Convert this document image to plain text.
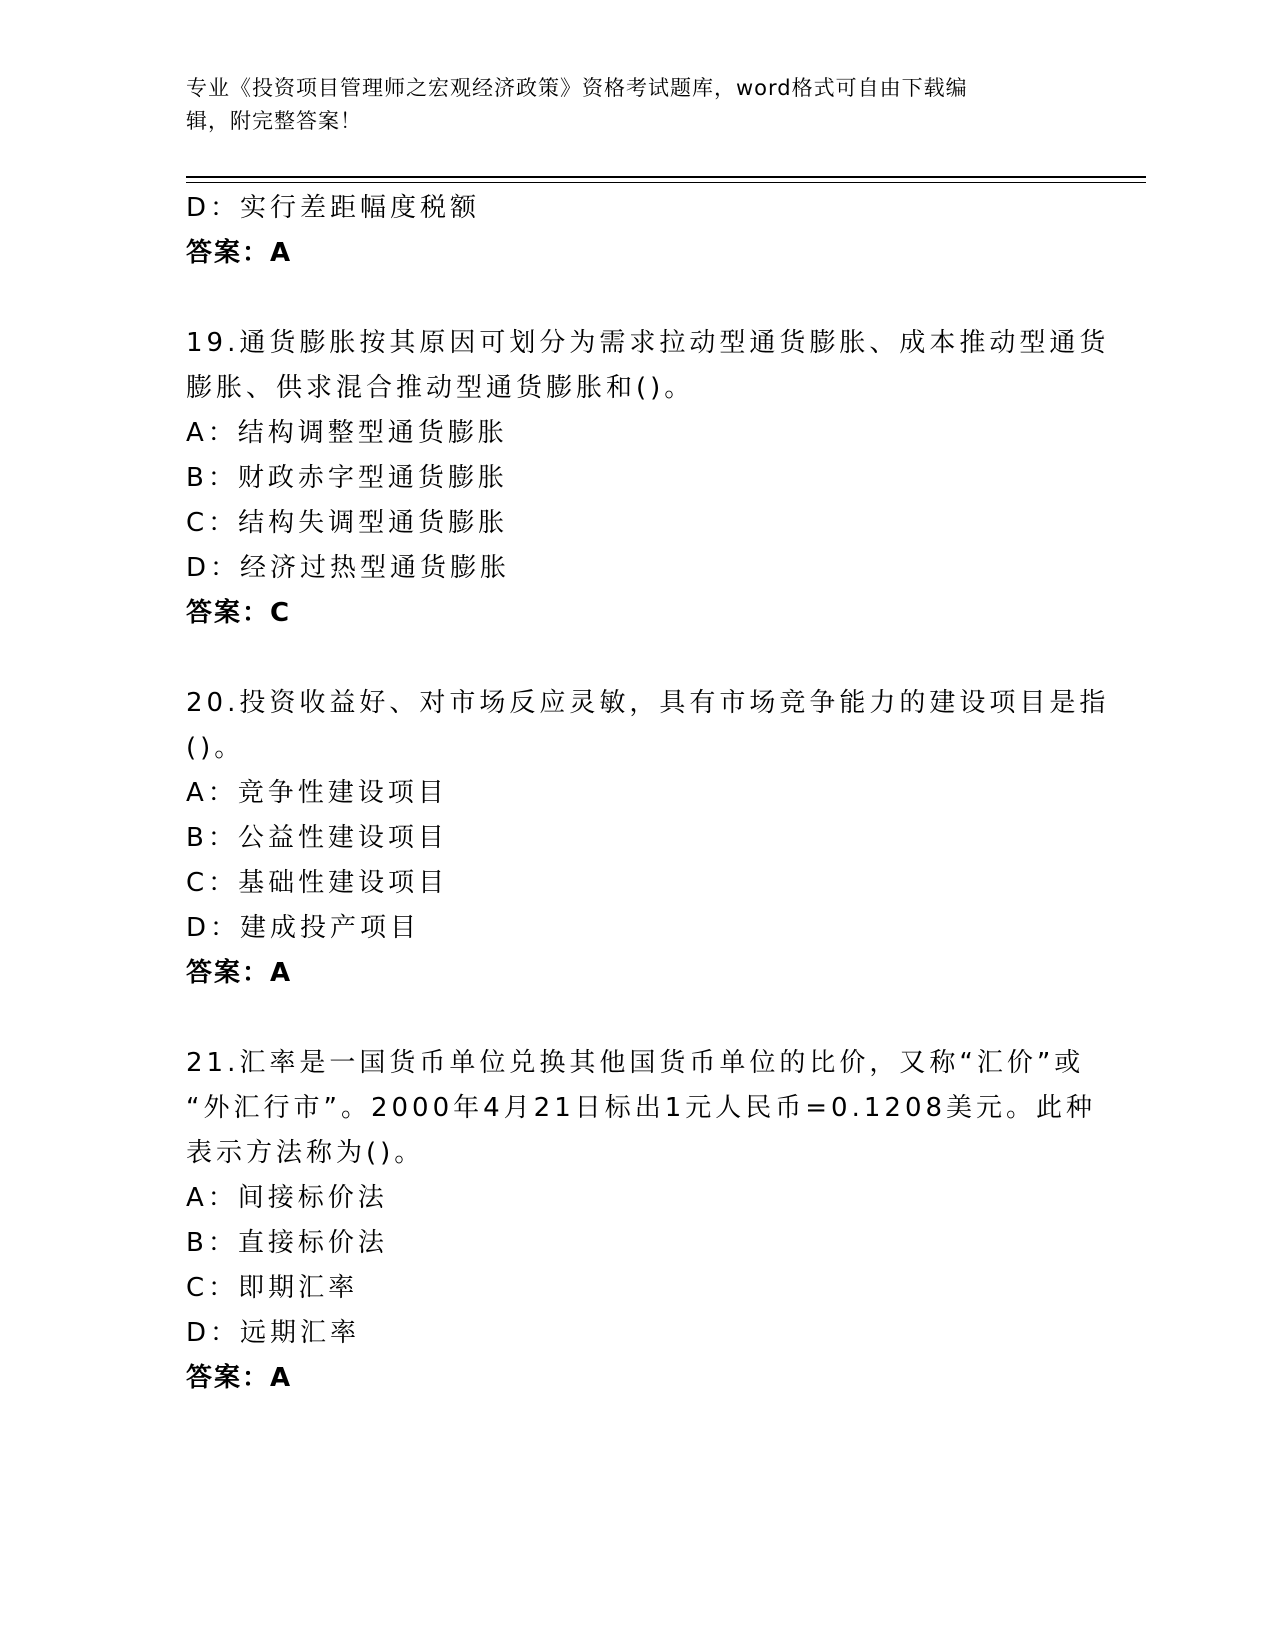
专业《投资项目管理师之宏观经济政策》资格考试题库，word格式可自由下载编
辑，附完整答案！
D：实行差距幅度税额
答案：A
19.通货膨胀按其原因可划分为需求拉动型通货膨胀、成本推动型通货
膨胀、供求混合推动型通货膨胀和()。
A：结构调整型通货膨胀
B：财政赤字型通货膨胀
C：结构失调型通货膨胀
D：经济过热型通货膨胀
答案：C
20.投资收益好、对市场反应灵敏，具有市场竞争能力的建设项目是指
()。
A：竞争性建设项目
B：公益性建设项目
C：基础性建设项目
D：建成投产项目
答案：A
21.汇率是一国货币单位兑换其他国货币单位的比价，又称“汇价”或
“外汇行市”。2000年4月21日标出1元人民币=0.1208美元。此种
表示方法称为()。
A：间接标价法
B：直接标价法
C：即期汇率
D：远期汇率
答案：A
